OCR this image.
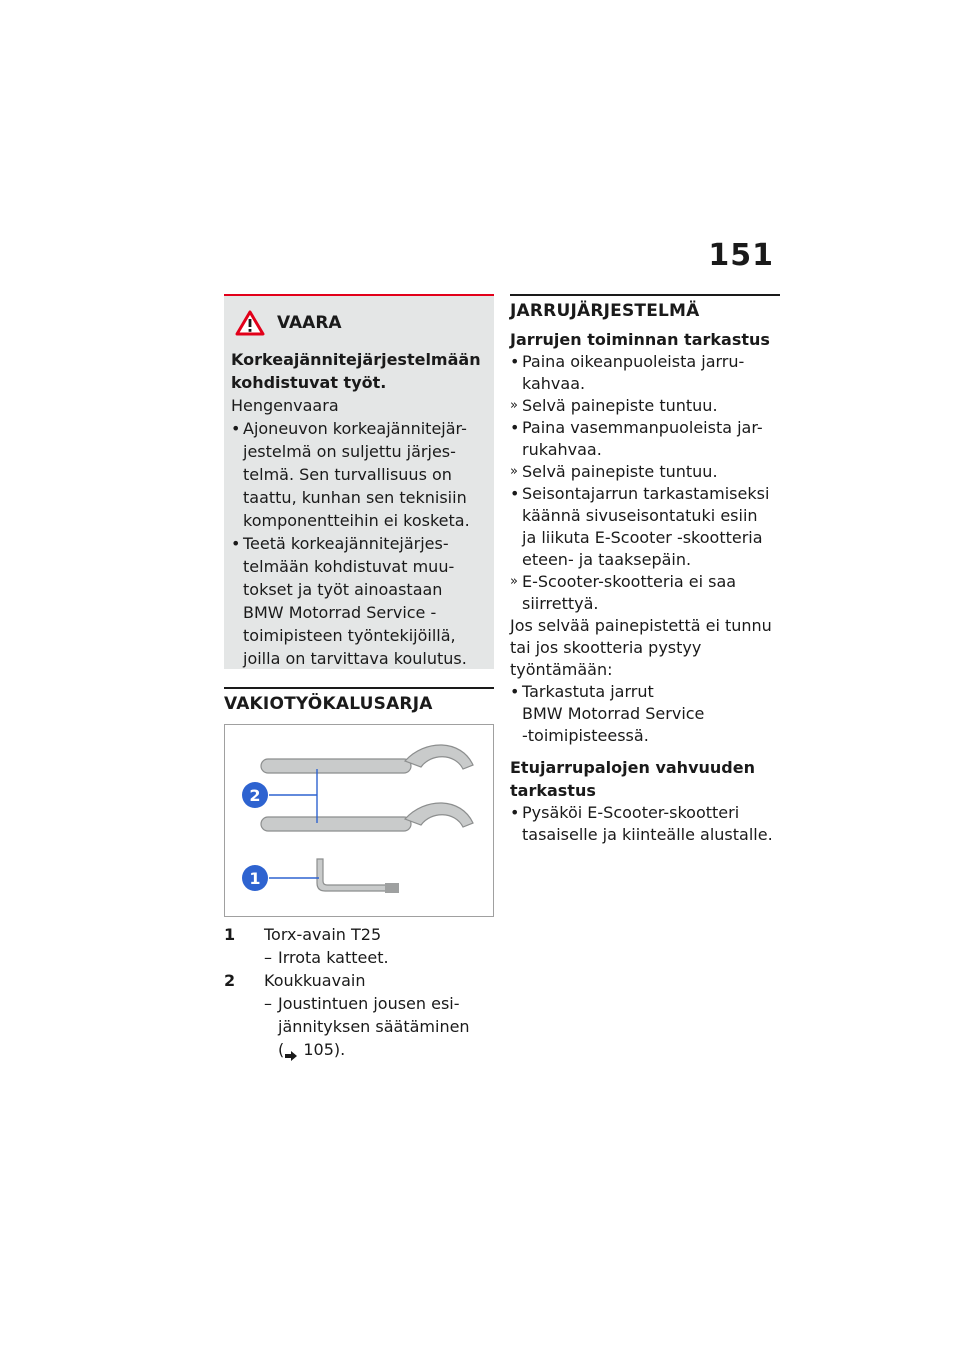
151
VAARA
Korkeajännitejärjestelmään
kohdistuvat työt.
Hengenvaara
• Ajoneuvon korkeajännitejär- jestelmä on suljettu järjes- telmä. Sen turvallisuus on taattu, kunhan sen teknisiin komponentteihin ei kosketa.
• Teetä korkeajännitejärjes- telmään kohdistuvat muu- tokset ja työt ainoastaan BMW Motorrad Service - toimipisteen työntekijöillä, joilla on tarvittava koulutus.
VAKIOTYÖKALUSARJA
2
1
1	Torx-avain T25
– Irrota katteet.
2	Koukkuavain
– Joustintuen jousen esi- jännityksen säätäminen
( 105).
JARRUJÄRJESTELMÄ
Jarrujen toiminnan tarkastus
• Paina oikeanpuoleista jarru-
kahvaa.
» Selvä painepiste tuntuu.
• Paina vasemmanpuoleista jar-
rukahvaa.
» Selvä painepiste tuntuu.
• Seisontajarrun tarkastamiseksi
käännä sivuseisontatuki esiin
ja liikuta E-Scooter -skootteria
eteen- ja taaksepäin.
» E-Scooter-skootteria ei saa
siirrettyä.
Jos selvää painepistettä ei tunnu tai jos skootteria pystyy työntämään:
• Tarkastuta jarrut
BMW Motorrad Service
-toimipisteessä.
Etujarrupalojen vahvuuden
tarkastus
• Pysäköi E-Scooter-skootteri
tasaiselle ja kiinteälle alustalle.
